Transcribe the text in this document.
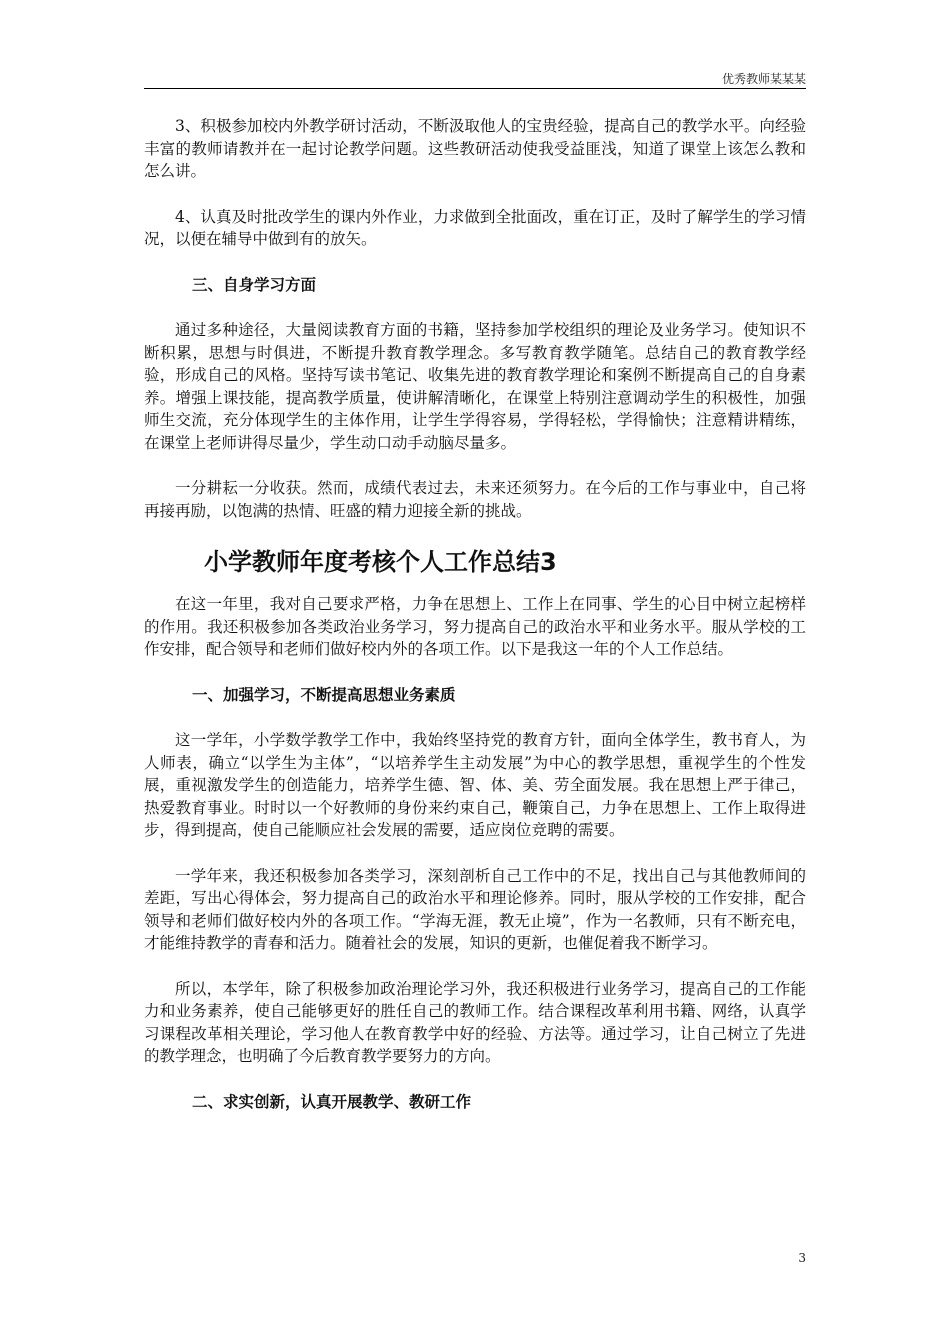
优秀教师某某某

3、积极参加校内外教学研讨活动，不断汲取他人的宝贵经验，提高自己的教学水平。向经验丰富的教师请教并在一起讨论教学问题。这些教研活动使我受益匪浅，知道了课堂上该怎么教和怎么讲。

4、认真及时批改学生的课内外作业，力求做到全批面改，重在订正，及时了解学生的学习情况，以便在辅导中做到有的放矢。

三、自身学习方面

通过多种途径，大量阅读教育方面的书籍，坚持参加学校组织的理论及业务学习。使知识不断积累，思想与时俱进，不断提升教育教学理念。多写教育教学随笔。总结自己的教育教学经验，形成自己的风格。坚持写读书笔记、收集先进的教育教学理论和案例不断提高自己的自身素养。增强上课技能，提高教学质量，使讲解清晰化，在课堂上特别注意调动学生的积极性，加强师生交流，充分体现学生的主体作用，让学生学得容易，学得轻松，学得愉快；注意精讲精练，在课堂上老师讲得尽量少，学生动口动手动脑尽量多。

一分耕耘一分收获。然而，成绩代表过去，未来还须努力。在今后的工作与事业中，自己将再接再励，以饱满的热情、旺盛的精力迎接全新的挑战。

小学教师年度考核个人工作总结3

在这一年里，我对自己要求严格，力争在思想上、工作上在同事、学生的心目中树立起榜样的作用。我还积极参加各类政治业务学习，努力提高自己的政治水平和业务水平。服从学校的工作安排，配合领导和老师们做好校内外的各项工作。以下是我这一年的个人工作总结。

一、加强学习，不断提高思想业务素质

这一学年，小学数学教学工作中，我始终坚持党的教育方针，面向全体学生，教书育人，为人师表，确立“以学生为主体”，“以培养学生主动发展”为中心的教学思想，重视学生的个性发展，重视激发学生的创造能力，培养学生德、智、体、美、劳全面发展。我在思想上严于律己，热爱教育事业。时时以一个好教师的身份来约束自己，鞭策自己，力争在思想上、工作上取得进步，得到提高，使自己能顺应社会发展的需要，适应岗位竞聘的需要。

一学年来，我还积极参加各类学习，深刻剖析自己工作中的不足，找出自己与其他教师间的差距，写出心得体会，努力提高自己的政治水平和理论修养。同时，服从学校的工作安排，配合领导和老师们做好校内外的各项工作。“学海无涯，教无止境”，作为一名教师，只有不断充电，才能维持教学的青春和活力。随着社会的发展，知识的更新，也催促着我不断学习。

所以，本学年，除了积极参加政治理论学习外，我还积极进行业务学习，提高自己的工作能力和业务素养，使自己能够更好的胜任自己的教师工作。结合课程改革利用书籍、网络，认真学习课程改革相关理论，学习他人在教育教学中好的经验、方法等。通过学习，让自己树立了先进的教学理念，也明确了今后教育教学要努力的方向。

二、求实创新，认真开展教学、教研工作

3
